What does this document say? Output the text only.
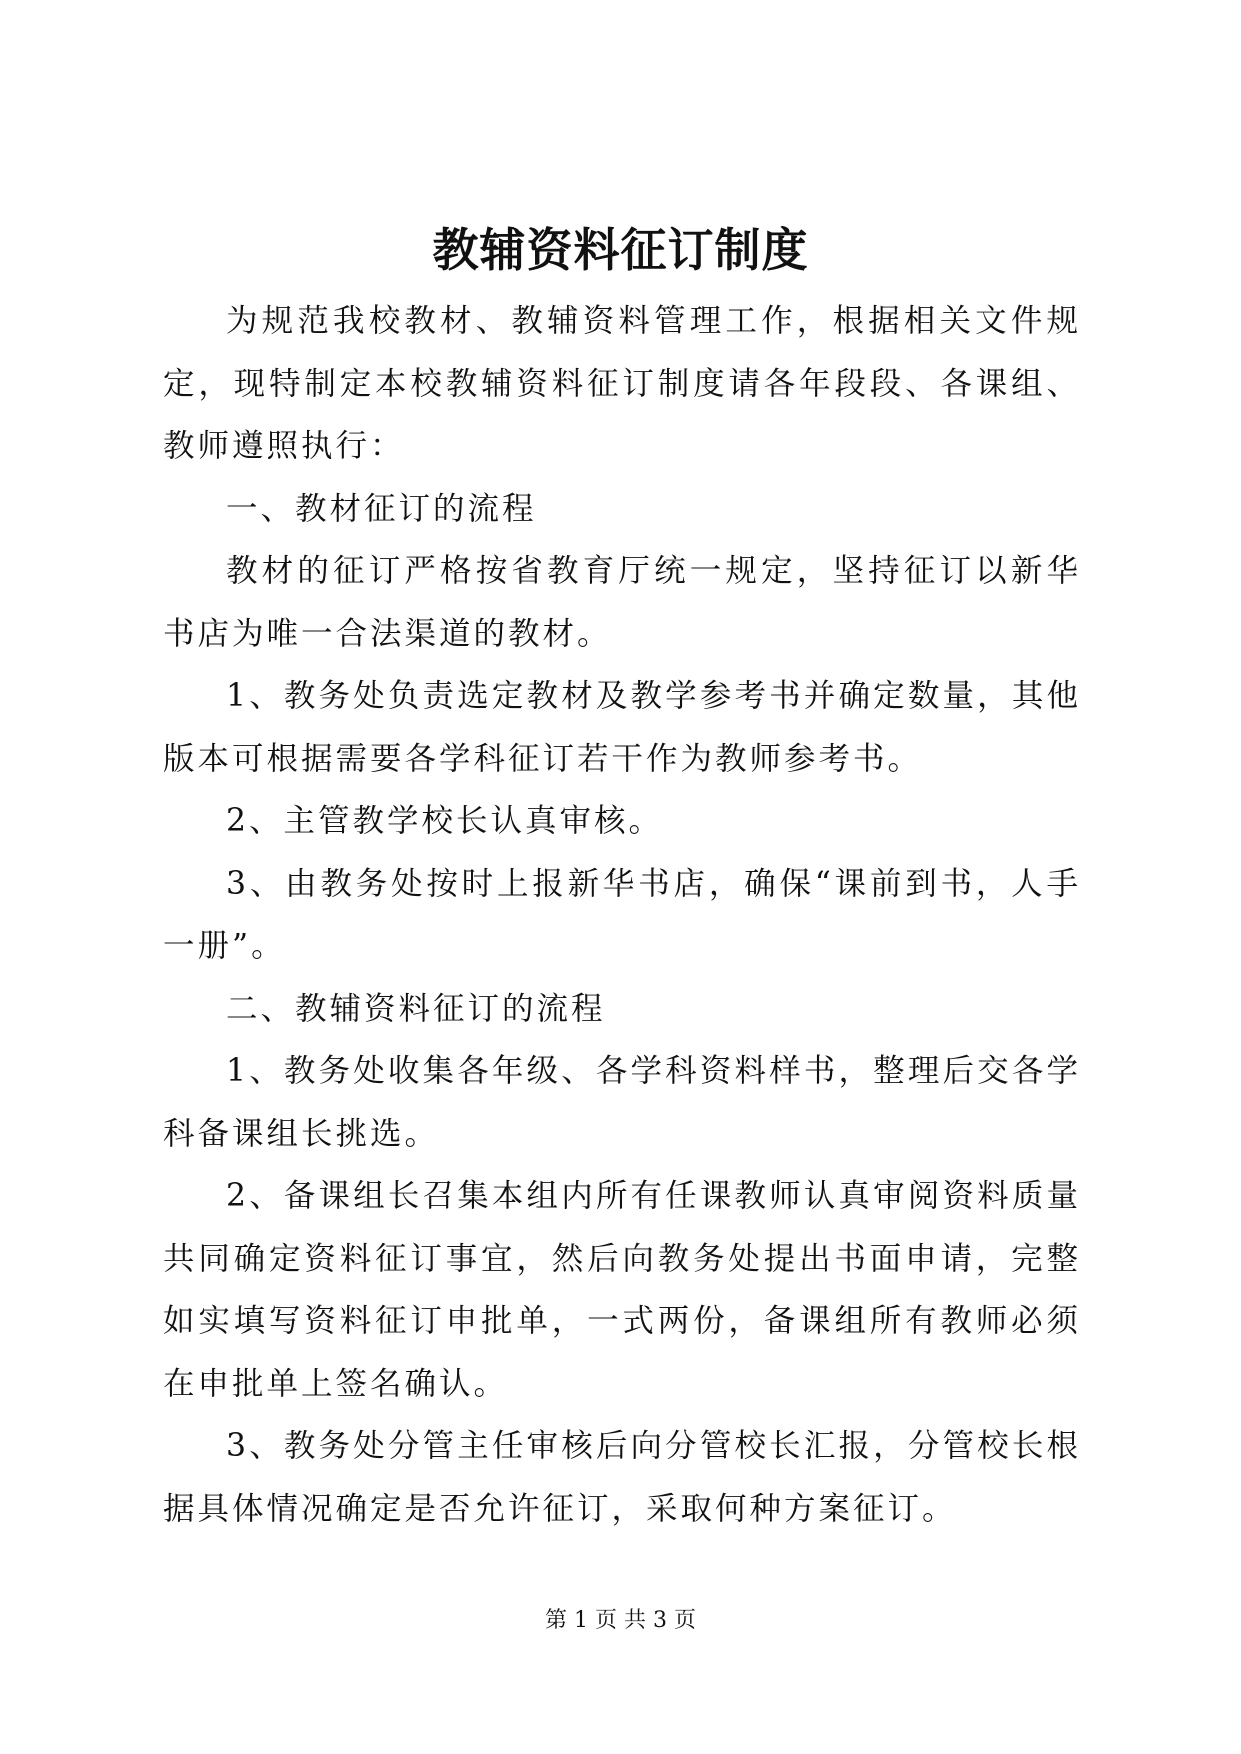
教辅资料征订制度

为规范我校教材、教辅资料管理工作，根据相关文件规定，现特制定本校教辅资料征订制度请各年段段、各课组、教师遵照执行：

一、教材征订的流程

教材的征订严格按省教育厅统一规定，坚持征订以新华书店为唯一合法渠道的教材。

1、教务处负责选定教材及教学参考书并确定数量，其他版本可根据需要各学科征订若干作为教师参考书。

2、主管教学校长认真审核。

3、由教务处按时上报新华书店，确保“课前到书，人手一册”。

二、教辅资料征订的流程

1、教务处收集各年级、各学科资料样书，整理后交各学科备课组长挑选。

2、备课组长召集本组内所有任课教师认真审阅资料质量共同确定资料征订事宜，然后向教务处提出书面申请，完整如实填写资料征订申批单，一式两份，备课组所有教师必须在申批单上签名确认。

3、教务处分管主任审核后向分管校长汇报，分管校长根据具体情况确定是否允许征订，采取何种方案征订。

第 1 页 共 3 页
